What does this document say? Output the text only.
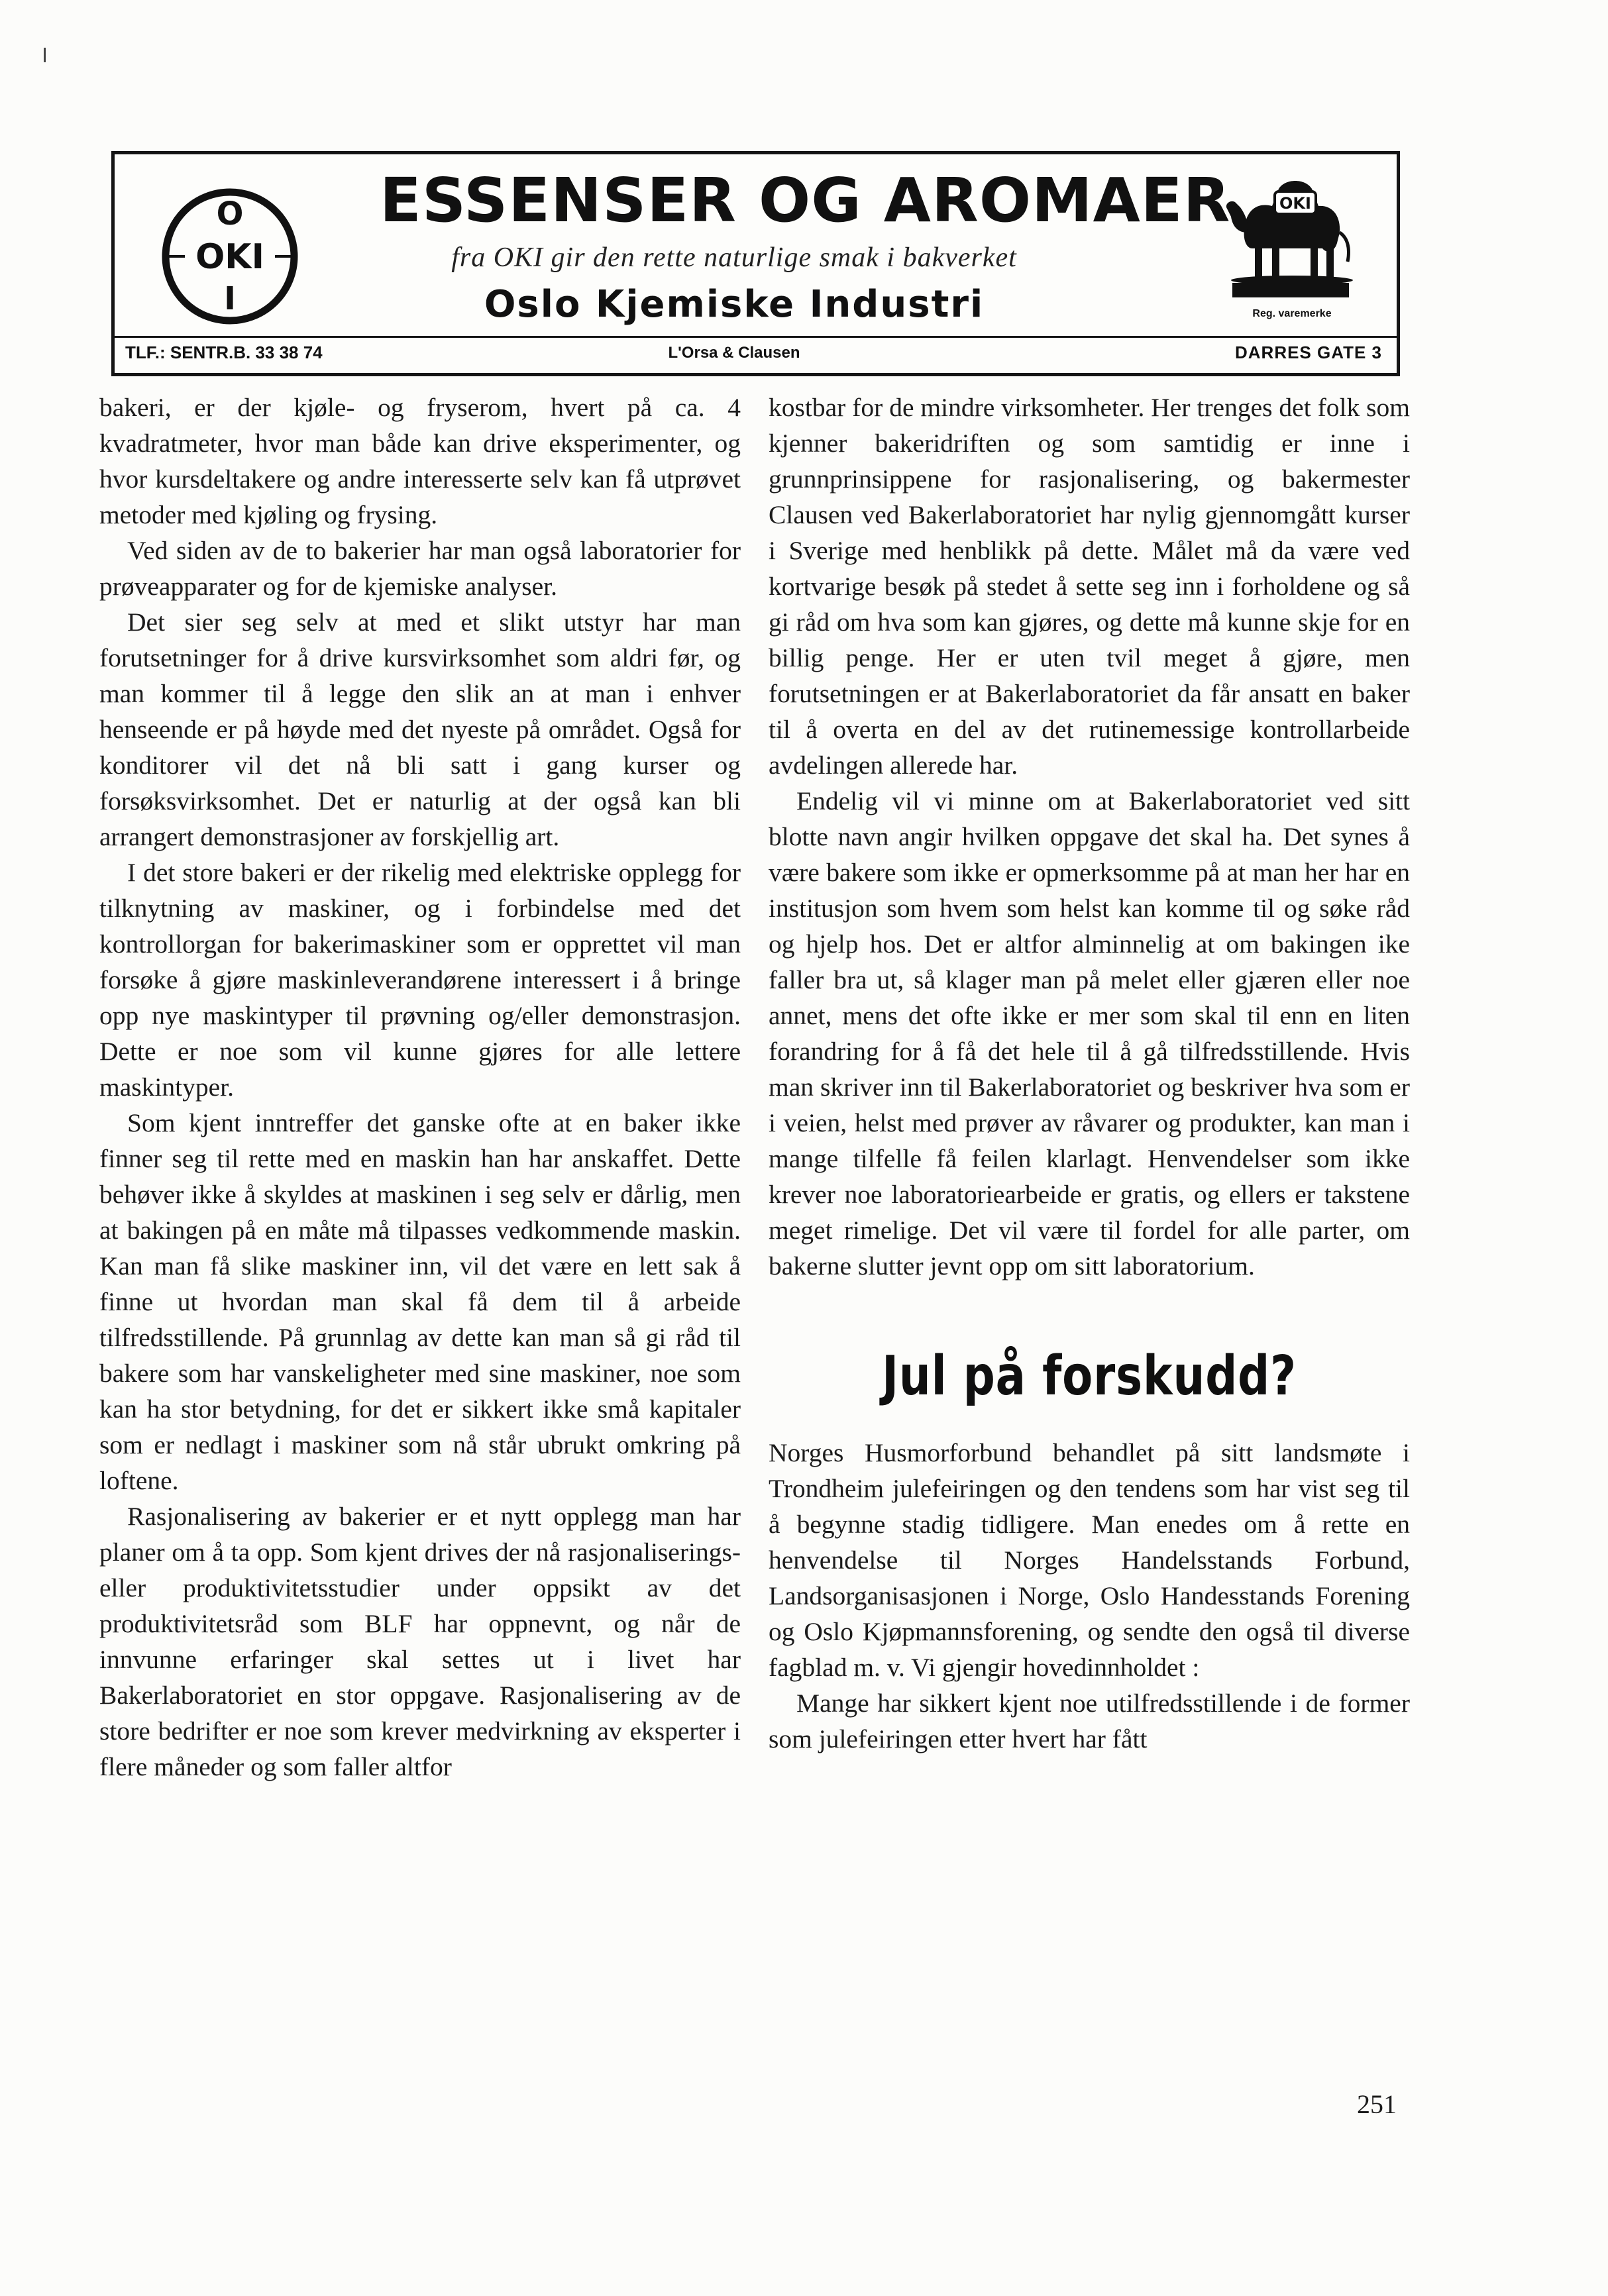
O
OKI
I
ESSENSER OG AROMAER
fra OKI gir den rette naturlige smak i bakverket
Oslo Kjemiske Industri
OKI
Reg. varemerke
TLF.: SENTR.B. 33 38 74	L'Orsa & Clausen	DARRES GATE 3

bakeri, er der kjøle- og fryserom, hvert på ca. 4 kvadratmeter, hvor man både kan drive eksperimenter, og hvor kursdeltakere og andre interesserte selv kan få utprøvet metoder med kjøling og frysing.

Ved siden av de to bakerier har man også laboratorier for prøveapparater og for de kjemiske analyser.

Det sier seg selv at med et slikt utstyr har man forutsetninger for å drive kursvirksomhet som aldri før, og man kommer til å legge den slik an at man i enhver henseende er på høyde med det nyeste på området. Også for konditorer vil det nå bli satt i gang kurser og forsøksvirksomhet. Det er naturlig at der også kan bli arrangert demonstrasjoner av forskjellig art.

I det store bakeri er der rikelig med elektriske opplegg for tilknytning av maskiner, og i forbindelse med det kontrollorgan for bakerimaskiner som er opprettet vil man forsøke å gjøre maskinleverandørene interessert i å bringe opp nye maskintyper til prøvning og/eller demonstrasjon. Dette er noe som vil kunne gjøres for alle lettere maskintyper.

Som kjent inntreffer det ganske ofte at en baker ikke finner seg til rette med en maskin han har anskaffet. Dette behøver ikke å skyldes at maskinen i seg selv er dårlig, men at bakingen på en måte må tilpasses vedkommende maskin. Kan man få slike maskiner inn, vil det være en lett sak å finne ut hvordan man skal få dem til å arbeide tilfredsstillende. På grunnlag av dette kan man så gi råd til bakere som har vanskeligheter med sine maskiner, noe som kan ha stor betydning, for det er sikkert ikke små kapitaler som er nedlagt i maskiner som nå står ubrukt omkring på loftene.

Rasjonalisering av bakerier er et nytt opplegg man har planer om å ta opp. Som kjent drives der nå rasjonaliserings- eller produktivitetsstudier under oppsikt av det produktivitetsråd som BLF har oppnevnt, og når de innvunne erfaringer skal settes ut i livet har Bakerlaboratoriet en stor oppgave. Rasjonalisering av de store bedrifter er noe som krever medvirkning av eksperter i flere måneder og som faller altfor

kostbar for de mindre virksomheter. Her trenges det folk som kjenner bakeridriften og som samtidig er inne i grunnprinsippene for rasjonalisering, og bakermester Clausen ved Bakerlaboratoriet har nylig gjennomgått kurser i Sverige med henblikk på dette. Målet må da være ved kortvarige besøk på stedet å sette seg inn i forholdene og så gi råd om hva som kan gjøres, og dette må kunne skje for en billig penge. Her er uten tvil meget å gjøre, men forutsetningen er at Bakerlaboratoriet da får ansatt en baker til å overta en del av det rutinemessige kontrollarbeide avdelingen allerede har.

Endelig vil vi minne om at Bakerlaboratoriet ved sitt blotte navn angir hvilken oppgave det skal ha. Det synes å være bakere som ikke er opmerksomme på at man her har en institusjon som hvem som helst kan komme til og søke råd og hjelp hos. Det er altfor alminnelig at om bakingen ike faller bra ut, så klager man på melet eller gjæren eller noe annet, mens det ofte ikke er mer som skal til enn en liten forandring for å få det hele til å gå tilfredsstillende. Hvis man skriver inn til Bakerlaboratoriet og beskriver hva som er i veien, helst med prøver av råvarer og produkter, kan man i mange tilfelle få feilen klarlagt. Henvendelser som ikke krever noe laboratoriearbeide er gratis, og ellers er takstene meget rimelige. Det vil være til fordel for alle parter, om bakerne slutter jevnt opp om sitt laboratorium.

Jul på forskudd?

Norges Husmorforbund behandlet på sitt landsmøte i Trondheim julefeiringen og den tendens som har vist seg til å begynne stadig tidligere. Man enedes om å rette en henvendelse til Norges Handelsstands Forbund, Landsorganisasjonen i Norge, Oslo Handesstands Forening og Oslo Kjøpmannsforening, og sendte den også til diverse fagblad m. v. Vi gjengir hovedinnholdet :

Mange har sikkert kjent noe utilfredsstillende i de former som julefeiringen etter hvert har fått

251
